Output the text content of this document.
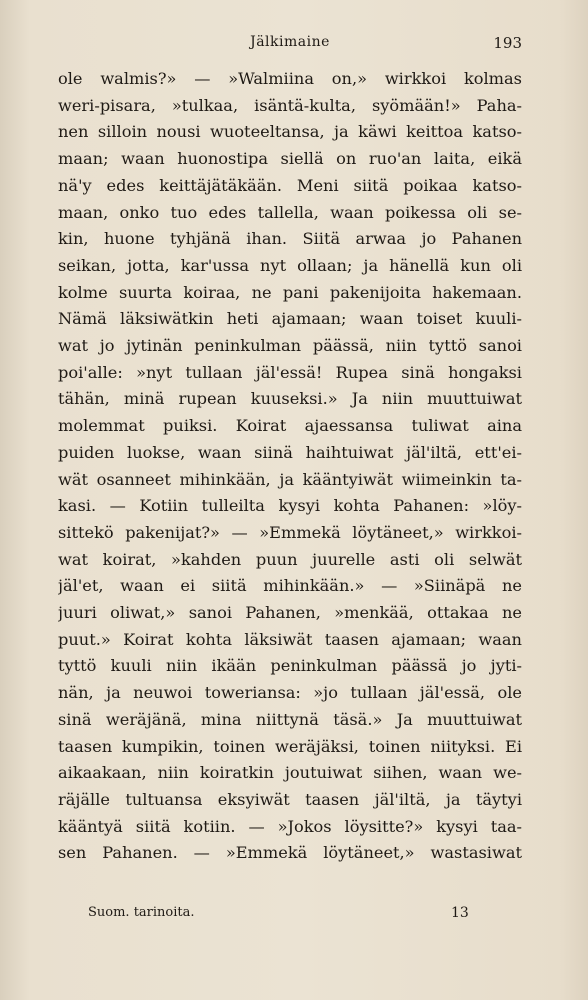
Jälkimaine	193
ole walmis?» — »Walmiina on,» wirkkoi kolmas
weri-pisara, »tulkaa, isäntä-kulta, syömään!» Paha-
nen silloin nousi wuoteeltansa, ja käwi keittoa katso-
maan; waan huonostipa siellä on ruo'an laita, eikä
nä'y edes keittäjätäkään. Meni siitä poikaa katso-
maan, onko tuo edes tallella, waan poikessa oli se-
kin, huone tyhjänä ihan. Siitä arwaa jo Pahanen
seikan, jotta, kar'ussa nyt ollaan; ja hänellä kun oli
kolme suurta koiraa, ne pani pakenijoita hakemaan.
Nämä läksiwätkin heti ajamaan; waan toiset kuuli-
wat jo jytinän peninkulman päässä, niin tyttö sanoi
poi'alle: »nyt tullaan jäl'essä! Rupea sinä hongaksi
tähän, minä rupean kuuseksi.» Ja niin muuttuiwat
molemmat puiksi. Koirat ajaessansa tuliwat aina
puiden luokse, waan siinä haihtuiwat jäl'iltä, ett'ei-
wät osanneet mihinkään, ja kääntyiwät wiimeinkin ta-
kasi. — Kotiin tulleilta kysyi kohta Pahanen: »löy-
sittekö pakenijat?» — »Emmekä löytäneet,» wirkkoi-
wat koirat, »kahden puun juurelle asti oli selwät
jäl'et, waan ei siitä mihinkään.» — »Siinäpä ne
juuri oliwat,» sanoi Pahanen, »menkää, ottakaa ne
puut.» Koirat kohta läksiwät taasen ajamaan; waan
tyttö kuuli niin ikään peninkulman päässä jo jyti-
nän, ja neuwoi toweriansa: »jo tullaan jäl'essä, ole
sinä weräjänä, mina niittynä täsä.» Ja muuttuiwat
taasen kumpikin, toinen weräjäksi, toinen niityksi. Ei
aikaakaan, niin koiratkin joutuiwat siihen, waan we-
räjälle tultuansa eksyiwät taasen jäl'iltä, ja täytyi
kääntyä siitä kotiin. — »Jokos löysitte?» kysyi taa-
sen Pahanen. — »Emmekä löytäneet,» wastasiwat
Suom. tarinoita.	13
